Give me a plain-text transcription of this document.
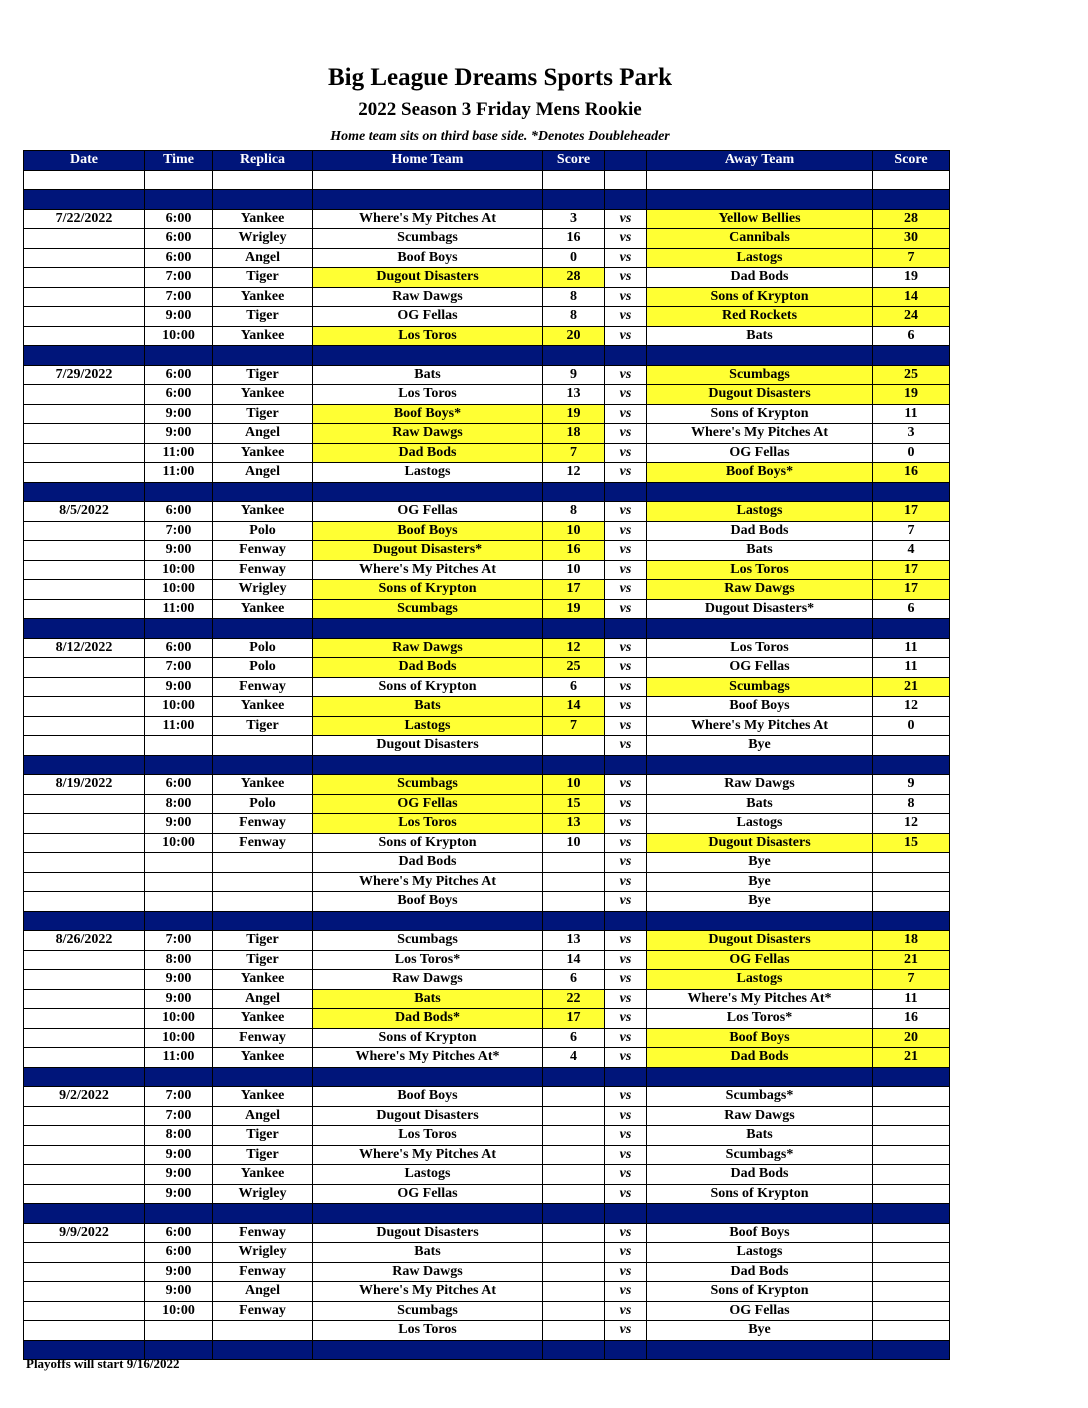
Big League Dreams Sports Park
2022 Season 3 Friday Mens Rookie
Home team sits on third base side. *Denotes Doubleheader
Date	Time	Replica	Home Team	Score		Away Team	Score

7/22/2022	6:00	Yankee	Where's My Pitches At	3	vs	Yellow Bellies	28
	6:00	Wrigley	Scumbags	16	vs	Cannibals	30
	6:00	Angel	Boof Boys	0	vs	Lastogs	7
	7:00	Tiger	Dugout Disasters	28	vs	Dad Bods	19
	7:00	Yankee	Raw Dawgs	8	vs	Sons of Krypton	14
	9:00	Tiger	OG Fellas	8	vs	Red Rockets	24
	10:00	Yankee	Los Toros	20	vs	Bats	6

7/29/2022	6:00	Tiger	Bats	9	vs	Scumbags	25
	6:00	Yankee	Los Toros	13	vs	Dugout Disasters	19
	9:00	Tiger	Boof Boys*	19	vs	Sons of Krypton	11
	9:00	Angel	Raw Dawgs	18	vs	Where's My Pitches At	3
	11:00	Yankee	Dad Bods	7	vs	OG Fellas	0
	11:00	Angel	Lastogs	12	vs	Boof Boys*	16

8/5/2022	6:00	Yankee	OG Fellas	8	vs	Lastogs	17
	7:00	Polo	Boof Boys	10	vs	Dad Bods	7
	9:00	Fenway	Dugout Disasters*	16	vs	Bats	4
	10:00	Fenway	Where's My Pitches At	10	vs	Los Toros	17
	10:00	Wrigley	Sons of Krypton	17	vs	Raw Dawgs	17
	11:00	Yankee	Scumbags	19	vs	Dugout Disasters*	6

8/12/2022	6:00	Polo	Raw Dawgs	12	vs	Los Toros	11
	7:00	Polo	Dad Bods	25	vs	OG Fellas	11
	9:00	Fenway	Sons of Krypton	6	vs	Scumbags	21
	10:00	Yankee	Bats	14	vs	Boof Boys	12
	11:00	Tiger	Lastogs	7	vs	Where's My Pitches At	0
			Dugout Disasters		vs	Bye	

8/19/2022	6:00	Yankee	Scumbags	10	vs	Raw Dawgs	9
	8:00	Polo	OG Fellas	15	vs	Bats	8
	9:00	Fenway	Los Toros	13	vs	Lastogs	12
	10:00	Fenway	Sons of Krypton	10	vs	Dugout Disasters	15
			Dad Bods		vs	Bye	
			Where's My Pitches At		vs	Bye	
			Boof Boys		vs	Bye	

8/26/2022	7:00	Tiger	Scumbags	13	vs	Dugout Disasters	18
	8:00	Tiger	Los Toros*	14	vs	OG Fellas	21
	9:00	Yankee	Raw Dawgs	6	vs	Lastogs	7
	9:00	Angel	Bats	22	vs	Where's My Pitches At*	11
	10:00	Yankee	Dad Bods*	17	vs	Los Toros*	16
	10:00	Fenway	Sons of Krypton	6	vs	Boof Boys	20
	11:00	Yankee	Where's My Pitches At*	4	vs	Dad Bods	21

9/2/2022	7:00	Yankee	Boof Boys		vs	Scumbags*	
	7:00	Angel	Dugout Disasters		vs	Raw Dawgs	
	8:00	Tiger	Los Toros		vs	Bats	
	9:00	Tiger	Where's My Pitches At		vs	Scumbags*	
	9:00	Yankee	Lastogs		vs	Dad Bods	
	9:00	Wrigley	OG Fellas		vs	Sons of Krypton	

9/9/2022	6:00	Fenway	Dugout Disasters		vs	Boof Boys	
	6:00	Wrigley	Bats		vs	Lastogs	
	9:00	Fenway	Raw Dawgs		vs	Dad Bods	
	9:00	Angel	Where's My Pitches At		vs	Sons of Krypton	
	10:00	Fenway	Scumbags		vs	OG Fellas	
			Los Toros		vs	Bye	

Playoffs will start 9/16/2022
